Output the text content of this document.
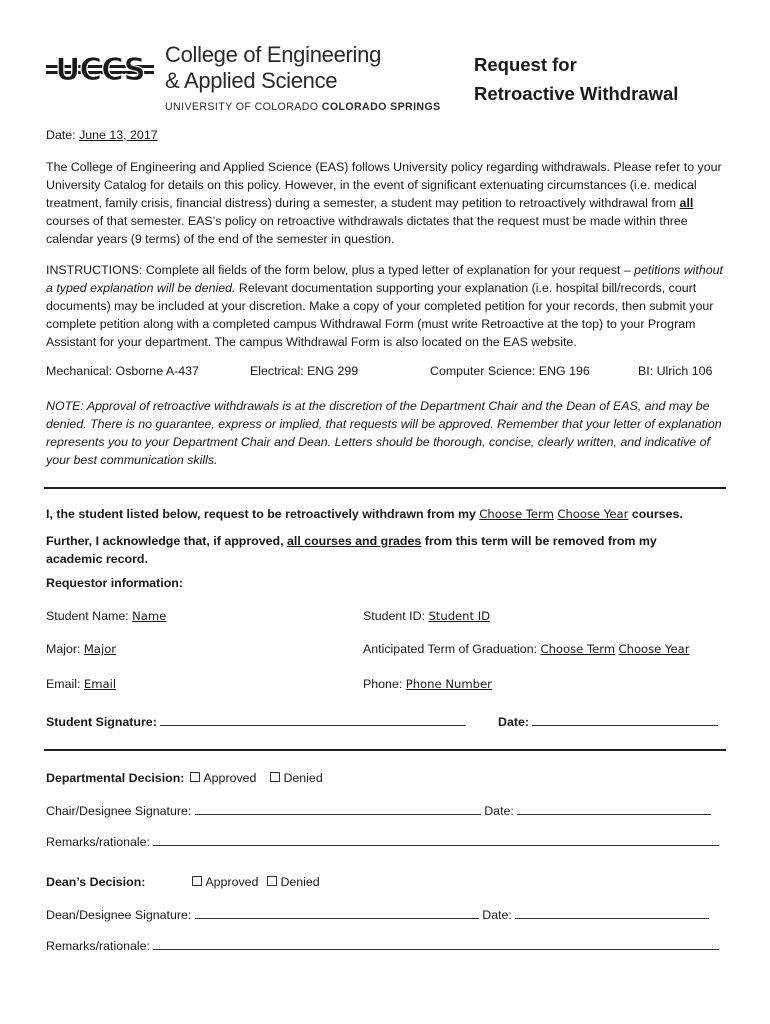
UCCS College of Engineering
& Applied Science
UNIVERSITY OF COLORADO COLORADO SPRINGS
Request for
Retroactive Withdrawal
Date: June 13, 2017
The College of Engineering and Applied Science (EAS) follows University policy regarding withdrawals. Please refer to your University Catalog for details on this policy. However, in the event of significant extenuating circumstances (i.e. medical treatment, family crisis, financial distress) during a semester, a student may petition to retroactively withdrawal from all courses of that semester. EAS’s policy on retroactive withdrawals dictates that the request must be made within three calendar years (9 terms) of the end of the semester in question.
INSTRUCTIONS: Complete all fields of the form below, plus a typed letter of explanation for your request – petitions without a typed explanation will be denied. Relevant documentation supporting your explanation (i.e. hospital bill/records, court documents) may be included at your discretion. Make a copy of your completed petition for your records, then submit your complete petition along with a completed campus Withdrawal Form (must write Retroactive at the top) to your Program Assistant for your department. The campus Withdrawal Form is also located on the EAS website.
Mechanical: Osborne A-437	Electrical: ENG 299	Computer Science: ENG 196	BI: Ulrich 106
NOTE: Approval of retroactive withdrawals is at the discretion of the Department Chair and the Dean of EAS, and may be denied. There is no guarantee, express or implied, that requests will be approved. Remember that your letter of explanation represents you to your Department Chair and Dean. Letters should be thorough, concise, clearly written, and indicative of your best communication skills.
I, the student listed below, request to be retroactively withdrawn from my Choose Term Choose Year courses.
Further, I acknowledge that, if approved, all courses and grades from this term will be removed from my academic record.
Requestor information:
Student Name: Name	Student ID: Student ID
Major: Major	Anticipated Term of Graduation: Choose Term Choose Year
Email: Email	Phone: Phone Number
Student Signature:	Date:
Departmental Decision: Approved Denied
Chair/Designee Signature:	Date:
Remarks/rationale:
Dean’s Decision:	Approved Denied
Dean/Designee Signature:	Date:
Remarks/rationale:
